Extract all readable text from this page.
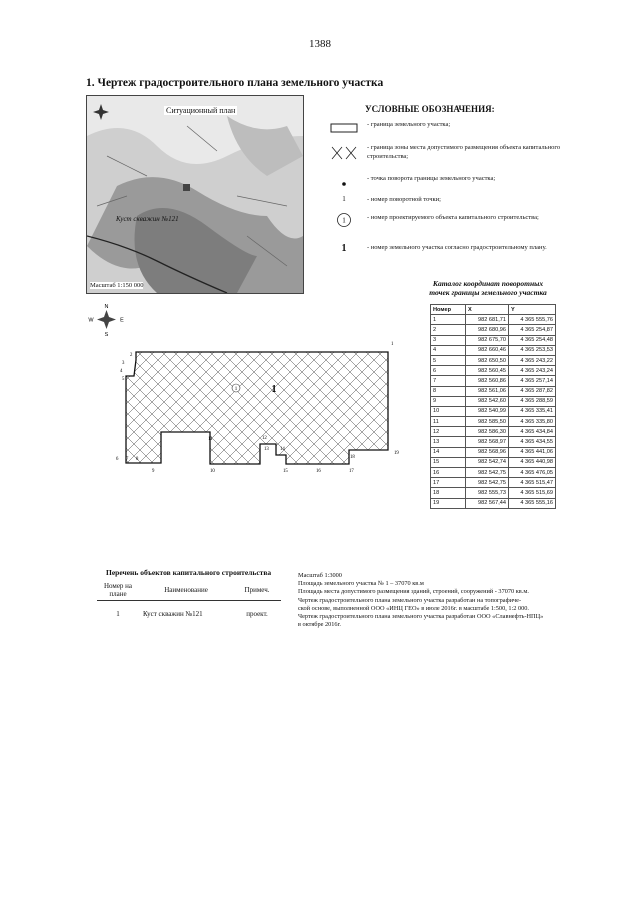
1388
1. Чертеж градостроительного плана земельного участка
Ситуационный план
Куст скважин №121
Масштаб 1:150 000
УСЛОВНЫЕ ОБОЗНАЧЕНИЯ:
- граница земельного участка;
- граница зоны места допустимого размещения объекта капитального строительства;
- точка поворота границы земельного участка;
1	- номер поворотной точки;
1	- номер проектируемого объекта капитального строительства;
1	- номер земельного участка согласно градостроительному плану.
Каталог координат поворотных
точек границы земельного участка
Номер	X	Y
1	982 681,71	4 365 555,76
2	982 680,96	4 365 254,87
3	982 675,70	4 365 254,48
4	982 660,46	4 365 253,53
5	982 650,50	4 365 243,22
6	982 560,45	4 365 243,24
7	982 560,86	4 365 257,14
8	982 561,06	4 365 287,82
9	982 542,60	4 365 288,59
10	982 540,99	4 365 335,41
11	982 585,50	4 365 335,80
12	982 586,30	4 365 434,84
13	982 568,97	4 365 434,55
14	982 568,96	4 365 441,06
15	982 542,74	4 365 440,98
16	982 542,75	4 365 476,05
17	982 542,75	4 365 515,47
18	982 555,73	4 365 515,69
19	982 567,44	4 365 555,16
N
S
W	E
1	1
1
2
3
4
5
6 7 8
9	10
11	12
13 14
15	16	17
18
19
Перечень объектов капитального строительства
Номер на плане	Наименование	Примеч.
1	Куст скважин №121	проект.
Масштаб 1:3000
Площадь земельного участка № 1 – 37070 кв.м
Площадь места допустимого размещения зданий, строений, сооружений - 37070 кв.м.
Чертеж градостроительного плана земельного участка разработан на топографиче-
ской основе, выполненной ООО «ИНЦ ГЕО» в июле 2016г. в масштабе 1:500, 1:2 000.
Чертеж градостроительного плана земельного участка разработан ООО «Славнефть-НПЦ»
в октябре 2016г.
